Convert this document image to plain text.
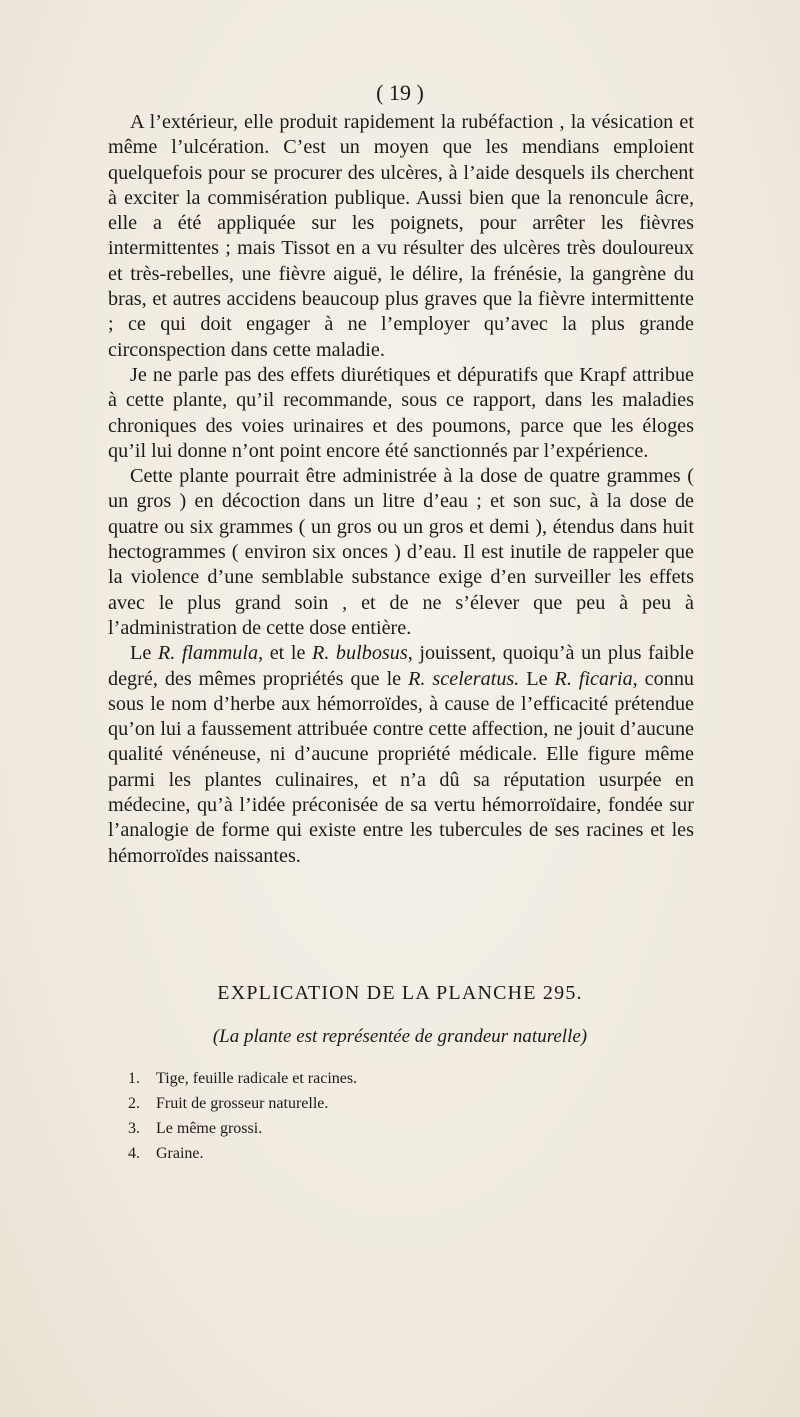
( 19 )

A l’extérieur, elle produit rapidement la rubéfaction , la vésication et même l’ulcération. C’est un moyen que les mendians emploient quelquefois pour se procurer des ulcères, à l’aide desquels ils cherchent à exciter la commisération publique. Aussi bien que la renoncule âcre, elle a été appliquée sur les poignets, pour arrêter les fièvres intermittentes ; mais Tissot en a vu résulter des ulcères très douloureux et très-rebelles, une fièvre aiguë, le délire, la frénésie, la gangrène du bras, et autres accidens beaucoup plus graves que la fièvre intermittente ; ce qui doit engager à ne l’employer qu’avec la plus grande circonspection dans cette maladie.

Je ne parle pas des effets diurétiques et dépuratifs que Krapf attribue à cette plante, qu’il recommande, sous ce rapport, dans les maladies chroniques des voies urinaires et des poumons, parce que les éloges qu’il lui donne n’ont point encore été sanctionnés par l’expérience.

Cette plante pourrait être administrée à la dose de quatre grammes ( un gros ) en décoction dans un litre d’eau ; et son suc, à la dose de quatre ou six grammes ( un gros ou un gros et demi ), étendus dans huit hectogrammes ( environ six onces ) d’eau. Il est inutile de rappeler que la violence d’une semblable substance exige d’en surveiller les effets avec le plus grand soin , et de ne s’élever que peu à peu à l’administration de cette dose entière.

Le R. flammula, et le R. bulbosus, jouissent, quoiqu’à un plus faible degré, des mêmes propriétés que le R. sceleratus. Le R. ficaria, connu sous le nom d’herbe aux hémorroïdes, à cause de l’efficacité prétendue qu’on lui a faussement attribuée contre cette affection, ne jouit d’aucune qualité vénéneuse, ni d’aucune propriété médicale. Elle figure même parmi les plantes culinaires, et n’a dû sa réputation usurpée en médecine, qu’à l’idée préconisée de sa vertu hémorroïdaire, fondée sur l’analogie de forme qui existe entre les tubercules de ses racines et les hémorroïdes naissantes.

EXPLICATION DE LA PLANCHE 295.
(La plante est représentée de grandeur naturelle)
1.	Tige, feuille radicale et racines.
2.	Fruit de grosseur naturelle.
3.	Le même grossi.
4.	Graine.
